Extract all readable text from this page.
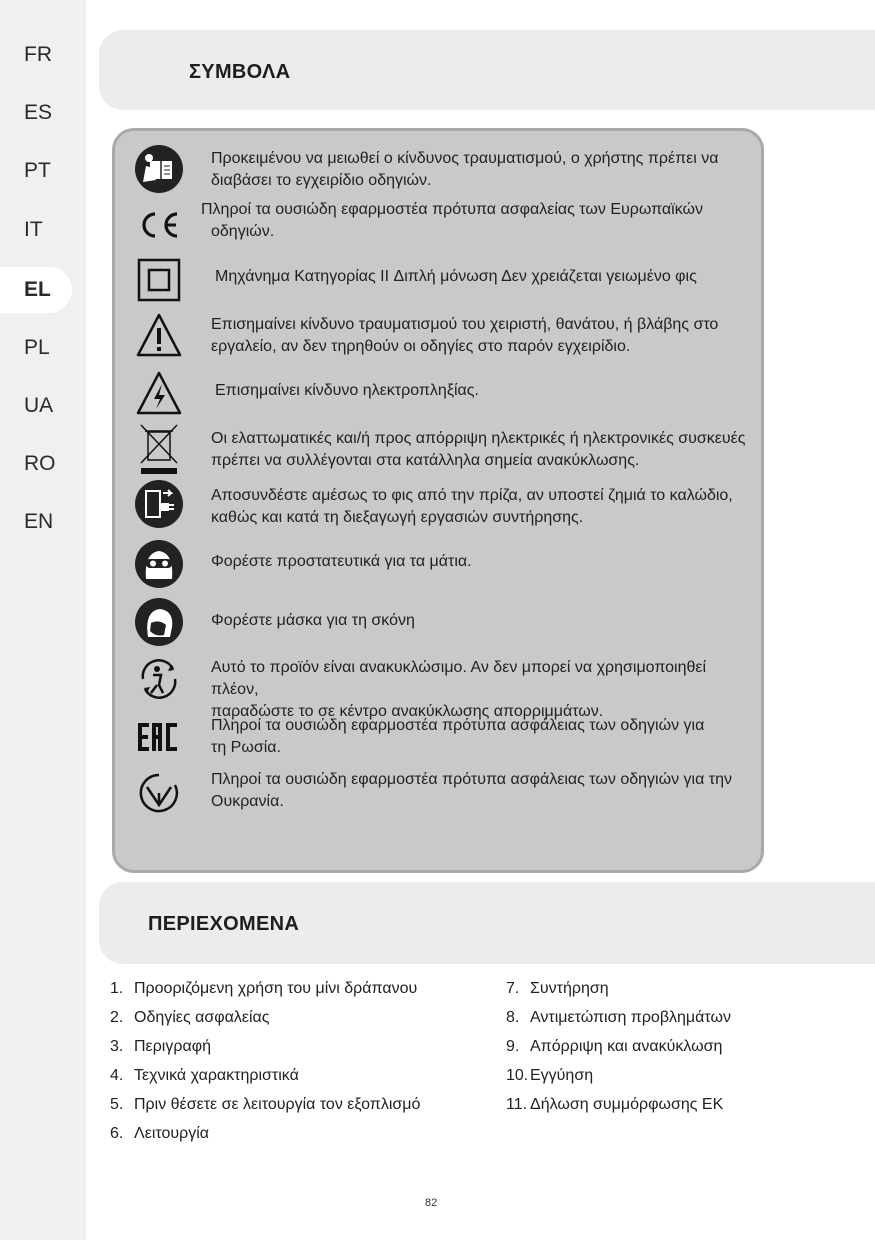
FR
ES
PT
IT
EL
PL
UA
RO
EN
ΣΥΜΒΟΛΑ
Προκειμένου να μειωθεί ο κίνδυνος τραυματισμού, ο χρήστης πρέπει να
διαβάσει το εγχειρίδιο οδηγιών.
Πληροί τα ουσιώδη εφαρμοστέα πρότυπα ασφαλείας των Ευρωπαϊκών
οδηγιών.
Μηχάνημα Κατηγορίας II Διπλή μόνωση Δεν χρειάζεται γειωμένο φις
Επισημαίνει κίνδυνο τραυματισμού του χειριστή, θανάτου, ή βλάβης στο
εργαλείο, αν δεν τηρηθούν οι οδηγίες στο παρόν εγχειρίδιο.
Επισημαίνει κίνδυνο ηλεκτροπληξίας.
Οι ελαττωματικές και/ή προς απόρριψη ηλεκτρικές ή ηλεκτρονικές συσκευές
πρέπει να συλλέγονται στα κατάλληλα σημεία ανακύκλωσης.
Αποσυνδέστε αμέσως το φις από την πρίζα, αν υποστεί ζημιά το καλώδιο,
καθώς και κατά τη διεξαγωγή εργασιών συντήρησης.
Φορέστε προστατευτικά για τα μάτια.
Φορέστε μάσκα για τη σκόνη
Αυτό το προϊόν είναι ανακυκλώσιμο. Αν δεν μπορεί να χρησιμοποιηθεί πλέον,
παραδώστε το σε κέντρο ανακύκλωσης απορριμμάτων.
Πληροί τα ουσιώδη εφαρμοστέα πρότυπα ασφάλειας των οδηγιών για
τη Ρωσία.
Πληροί τα ουσιώδη εφαρμοστέα πρότυπα ασφάλειας των οδηγιών για την
Ουκρανία.
ΠΕΡΙΕΧΟΜΕΝΑ
1. Προοριζόμενη χρήση του μίνι δράπανου
2. Οδηγίες ασφαλείας
3. Περιγραφή
4. Τεχνικά χαρακτηριστικά
5. Πριν θέσετε σε λειτουργία τον εξοπλισμό
6. Λειτουργία
7. Συντήρηση
8. Αντιμετώπιση προβλημάτων
9. Απόρριψη και ανακύκλωση
10. Εγγύηση
11. Δήλωση συμμόρφωσης ΕΚ
82
